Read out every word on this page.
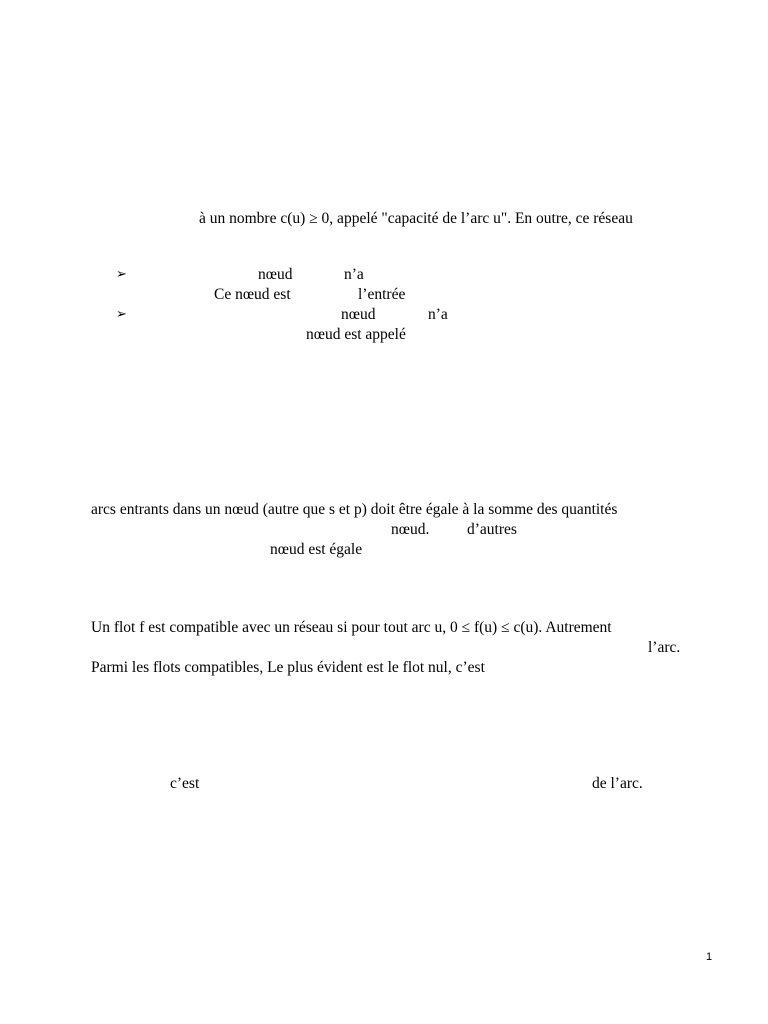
à un nombre c(u) ≥ 0, appelé "capacité de l’arc u". En outre, ce réseau
➢	nœud	n’a
Ce nœud est	l’entrée
➢	nœud	n’a
nœud est appelé
arcs entrants dans un nœud (autre que s et p) doit être égale à la somme des quantités
nœud. d’autres
nœud est égale
Un flot f est compatible avec un réseau si pour tout arc u, 0 ≤ f(u) ≤ c(u). Autrement
l’arc.
Parmi les flots compatibles, Le plus évident est le flot nul, c’est
c’est	de l’arc.
1
